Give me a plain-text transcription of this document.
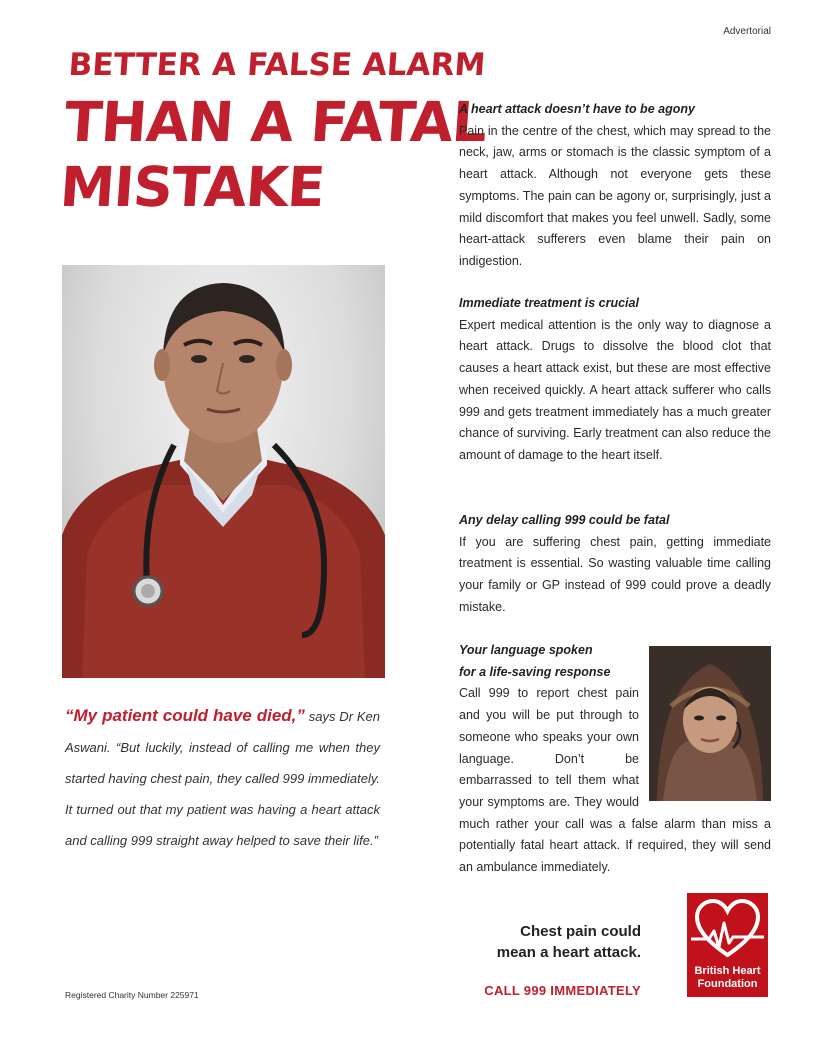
Advertorial
BETTER A FALSE ALARM
THAN A FATAL
MISTAKE
“My patient could have died,” says Dr Ken Aswani. “But luckily, instead of calling me when they started having chest pain, they called 999 immediately. It turned out that my patient was having a heart attack and calling 999 straight away helped to save their life.”
A heart attack doesn’t have to be agony

Pain in the centre of the chest, which may spread to the neck, jaw, arms or stomach is the classic symptom of a heart attack. Although not everyone gets these symptoms. The pain can be agony or, surprisingly, just a mild discomfort that makes you feel unwell. Sadly, some heart-attack sufferers even blame their pain on indigestion.

Immediate treatment is crucial

Expert medical attention is the only way to diagnose a heart attack. Drugs to dissolve the blood clot that causes a heart attack exist, but these are most effective when received quickly. A heart attack sufferer who calls 999 and gets treatment immediately has a much greater chance of surviving. Early treatment can also reduce the amount of damage to the heart itself.

Any delay calling 999 could be fatal

If you are suffering chest pain, getting immediate treatment is essential. So wasting valuable time calling your family or GP instead of 999 could prove a deadly mistake.

Your language spoken
for a life-saving response

Call 999 to report chest pain and you will be put through to someone who speaks your own language. Don’t be embarrassed to tell them what your symptoms are. They would much rather your call was a false alarm than miss a potentially fatal heart attack. If required, they will send an ambulance immediately.

Chest pain could
mean a heart attack.
CALL 999 IMMEDIATELY
Registered Charity Number 225971
British Heart
Foundation
